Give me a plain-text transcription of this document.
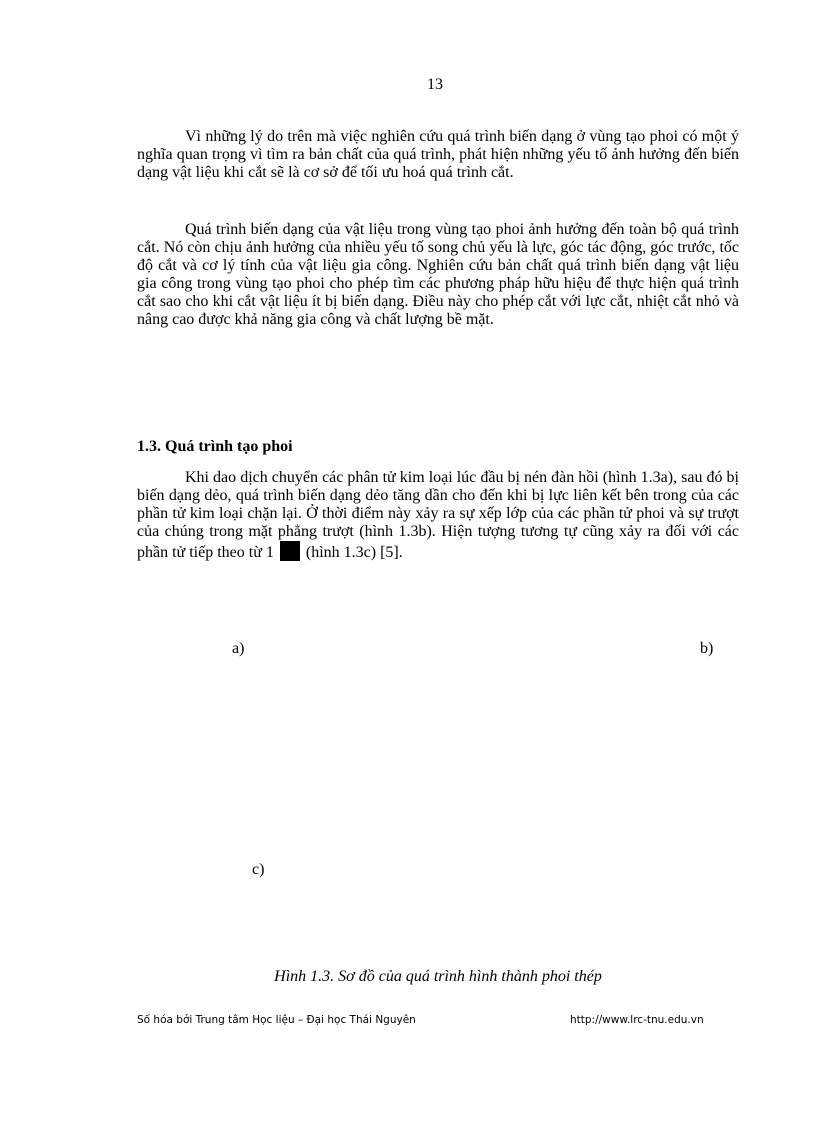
13

Vì những lý do trên mà việc nghiên cứu quá trình biến dạng ở vùng tạo phoi có một ý nghĩa quan trọng vì tìm ra bản chất của quá trình, phát hiện những yếu tố ảnh hưởng đến biến dạng vật liệu khi cắt sẽ là cơ sở để tối ưu hoá quá trình cắt.

Quá trình biến dạng của vật liệu trong vùng tạo phoi ảnh hưởng đến toàn bộ quá trình cắt. Nó còn chịu ảnh hưởng của nhiều yếu tố song chủ yếu là lực, góc tác động, góc trước, tốc độ cắt và cơ lý tính của vật liệu gia công. Nghiên cứu bản chất quá trình biến dạng vật liệu gia công trong vùng tạo phoi cho phép tìm các phương pháp hữu hiệu để thực hiện quá trình cắt sao cho khi cắt vật liệu ít bị biến dạng. Điều này cho phép cắt với lực cắt, nhiệt cắt nhỏ và nâng cao được khả năng gia công và chất lượng bề mặt.

1.3. Quá trình tạo phoi

Khi dao dịch chuyển các phân tử kim loại lúc đầu bị nén đàn hồi (hình 1.3a), sau đó bị biến dạng dẻo, quá trình biến dạng dẻo tăng dần cho đến khi bị lực liên kết bên trong của các phần tử kim loại chặn lại. Ở thời điểm này xảy ra sự xếp lớp của các phần tử phoi và sự trượt của chúng trong mặt phẳng trượt (hình 1.3b). Hiện tượng tương tự cũng xảy ra đối với các phần tử tiếp theo từ 1  (hình 1.3c) [5].

a)	b)
c)
Hình 1.3. Sơ đồ của quá trình hình thành phoi thép
Số hóa bởi Trung tâm Học liệu – Đại học Thái Nguyên	http://www.lrc-tnu.edu.vn
